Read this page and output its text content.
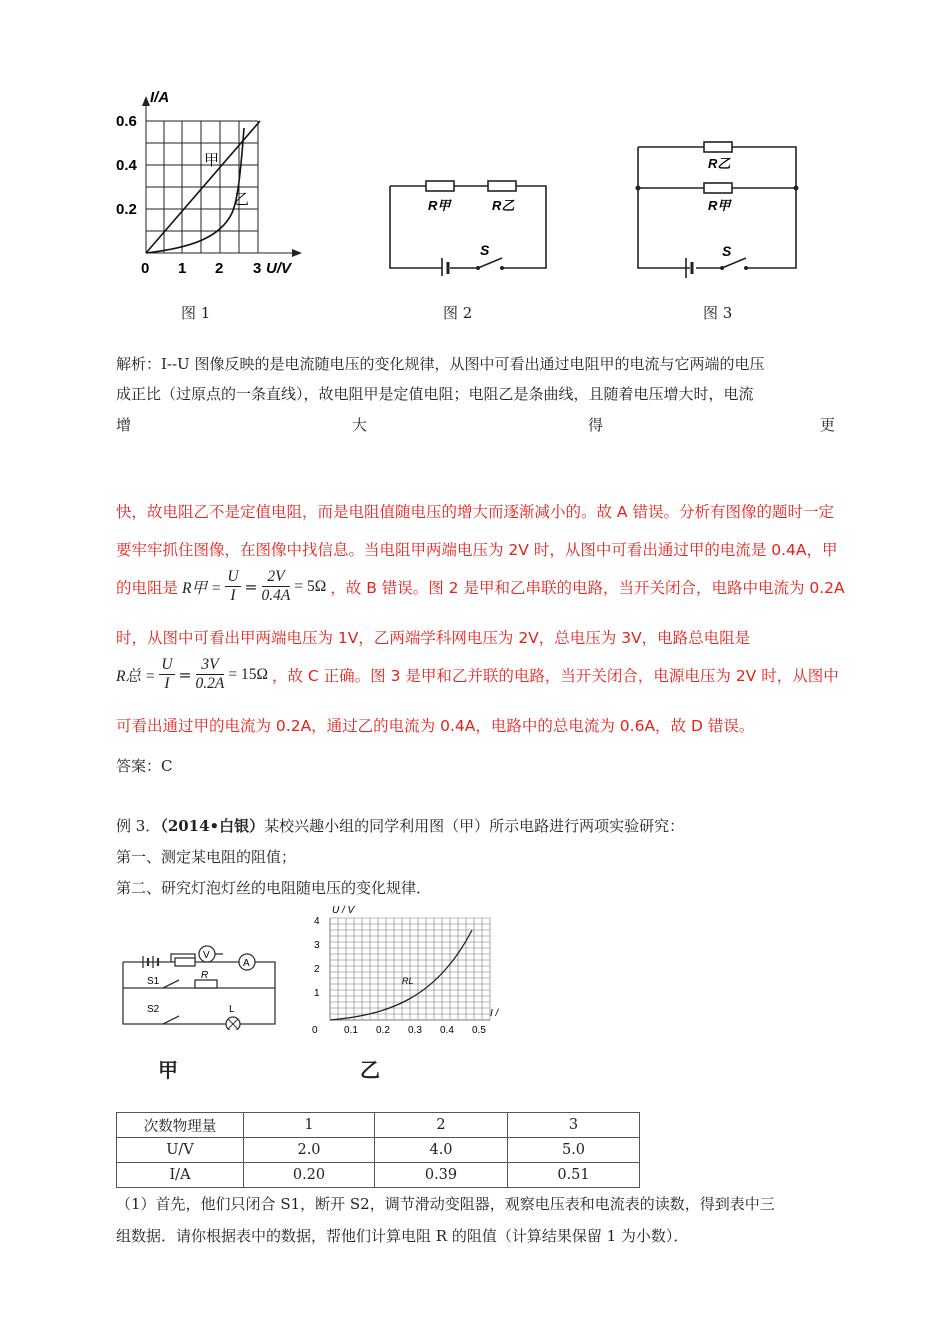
I/A
0.6
0.4
0.2
0 1 2 3 U/V
甲
乙
图 1
R甲	R乙
S
图 2
R乙
R甲
S
图 3
解析：I--U 图像反映的是电流随电压的变化规律，从图中可看出通过电阻甲的电流与它两端的电压
成正比（过原点的一条直线），故电阻甲是定值电阻；电阻乙是条曲线，且随着电压增大时，电流
增	大	得	更
快，故电阻乙不是定值电阻，而是电阻值随电压的增大而逐渐减小的。故 A 错误。分析有图像的题时一定
要牢牢抓住图像，在图像中找信息。当电阻甲两端电压为 2V 时，从图中可看出通过甲的电流是 0.4A，甲
的电阻是 R甲 = $\frac{U}{I} = \frac{2V}{0.4A} = 5\Omega$ ，故 B 错误。图 2 是甲和乙串联的电路，当开关闭合，电路中电流为 0.2A
时，从图中可看出甲两端电压为 1V，乙两端学科网电压为 2V，总电压为 3V，电路总电阻是
R总 = $\frac{U}{I} = \frac{3V}{0.2A} = 15\Omega$ ，故 C 正确。图 3 是甲和乙并联的电路，当开关闭合，电源电压为 2V 时，从图中
可看出通过甲的电流为 0.2A，通过乙的电流为 0.4A，电路中的总电流为 0.6A，故 D 错误。
答案：C
例 3．（2014•白银）某校兴趣小组的同学利用图（甲）所示电路进行两项实验研究：
第一、测定某电阻的阻值；
第二、研究灯泡灯丝的电阻随电压的变化规律．
V
A
S1
S2
R
L
甲
U / V
4
3
2
1
0	0.1 0.2 0.3 0.4 0.5
I /
RL
乙
次数物理量	1	2	3
U/V	2.0	4.0	5.0
I/A	0.20	0.39	0.51
（1）首先，他们只闭合 S1，断开 S2，调节滑动变阻器，观察电压表和电流表的读数，得到表中三
组数据．请你根据表中的数据，帮他们计算电阻 R 的阻值（计算结果保留 1 为小数）．
